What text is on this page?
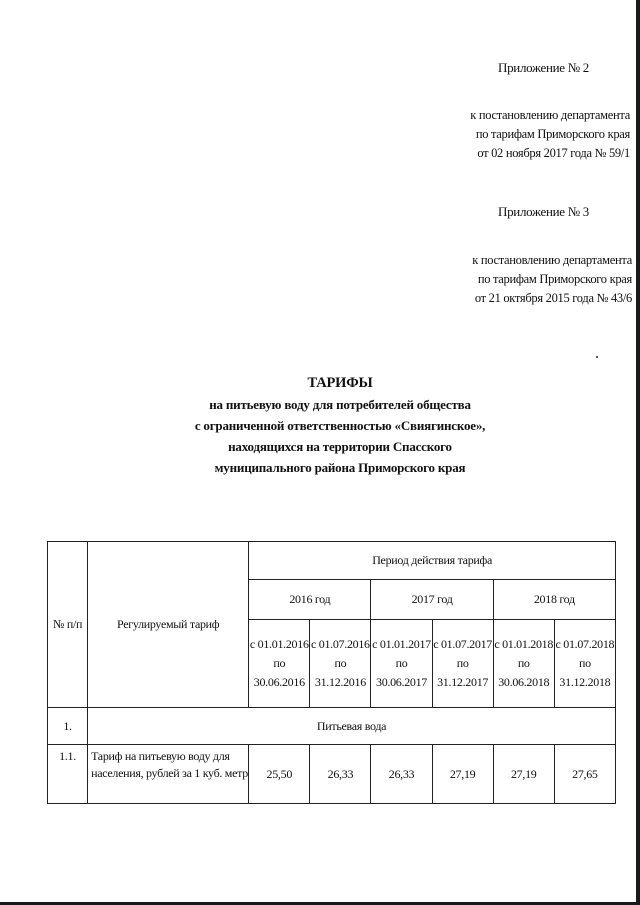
Приложение № 2
к постановлению департамента
по тарифам Приморского края
от 02 ноября 2017 года № 59/1
Приложение № 3
к постановлению департамента
по тарифам Приморского края
от 21 октября 2015 года № 43/6
ТАРИФЫ
на питьевую воду для потребителей общества
с ограниченной ответственностью «Свиягинское»,
находящихся на территории Спасского
муниципального района Приморского края
№ п/п	Регулируемый тариф	Период действия тарифа					
		2016 год		2017 год		2018 год	

		с 01.01.2016
по
30.06.2016	с 01.07.2016
по
31.12.2016	с 01.01.2017
по
30.06.2017	с 01.07.2017
по
31.12.2017	с 01.01.2018
по
30.06.2018	с 01.07.2018
по
31.12.2018

1.	Питьевая вода						
1.1.	Тариф на питьевую воду для
населения, рублей за 1 куб. метр	25,50	26,33	26,33	27,19	27,19	27,65
